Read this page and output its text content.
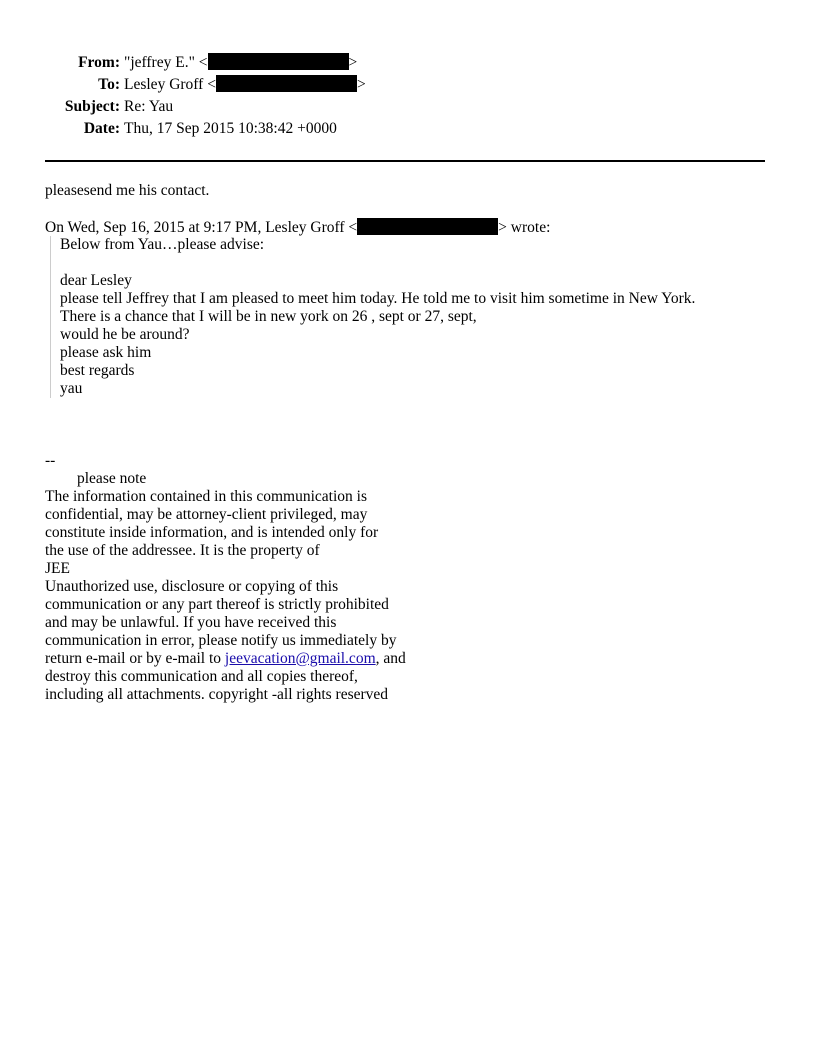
From: "jeffrey E." <	>
To: Lesley Groff <	>
Subject: Re: Yau
Date: Thu, 17 Sep 2015 10:38:42 +0000
pleasesend me his contact.
On Wed, Sep 16, 2015 at 9:17 PM, Lesley Groff <	> wrote:
Below from Yau…please advise:
dear Lesley
please tell Jeffrey that I am pleased to meet him today. He told me to visit him sometime in New York.
There is a chance that I will be in new york on 26 , sept or 27, sept,
would he be around?
please ask him
best regards
yau
--
please note
The information contained in this communication is
confidential, may be attorney-client privileged, may
constitute inside information, and is intended only for
the use of the addressee. It is the property of
JEE
Unauthorized use, disclosure or copying of this
communication or any part thereof is strictly prohibited
and may be unlawful. If you have received this
communication in error, please notify us immediately by
return e-mail or by e-mail to jeevacation@gmail.com, and
destroy this communication and all copies thereof,
including all attachments. copyright -all rights reserved
